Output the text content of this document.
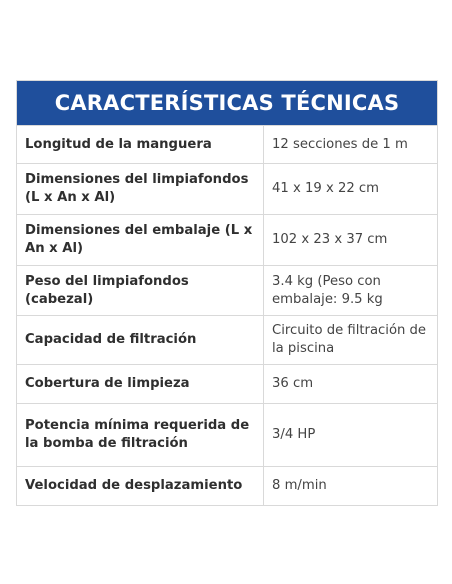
CARACTERÍSTICAS TÉCNICAS
Longitud de la manguera	12 secciones de 1 m
Dimensiones del limpiafondos (L x An x Al)	41 x 19 x 22 cm
Dimensiones del embalaje (L x An x Al)	102 x 23 x 37 cm
Peso del limpiafondos (cabezal)	3.4 kg (Peso con embalaje: 9.5 kg
Capacidad de filtración	Circuito de filtración de la piscina
Cobertura de limpieza	36 cm
Potencia mínima requerida de la bomba de filtración	3/4 HP
Velocidad de desplazamiento	8 m/min
